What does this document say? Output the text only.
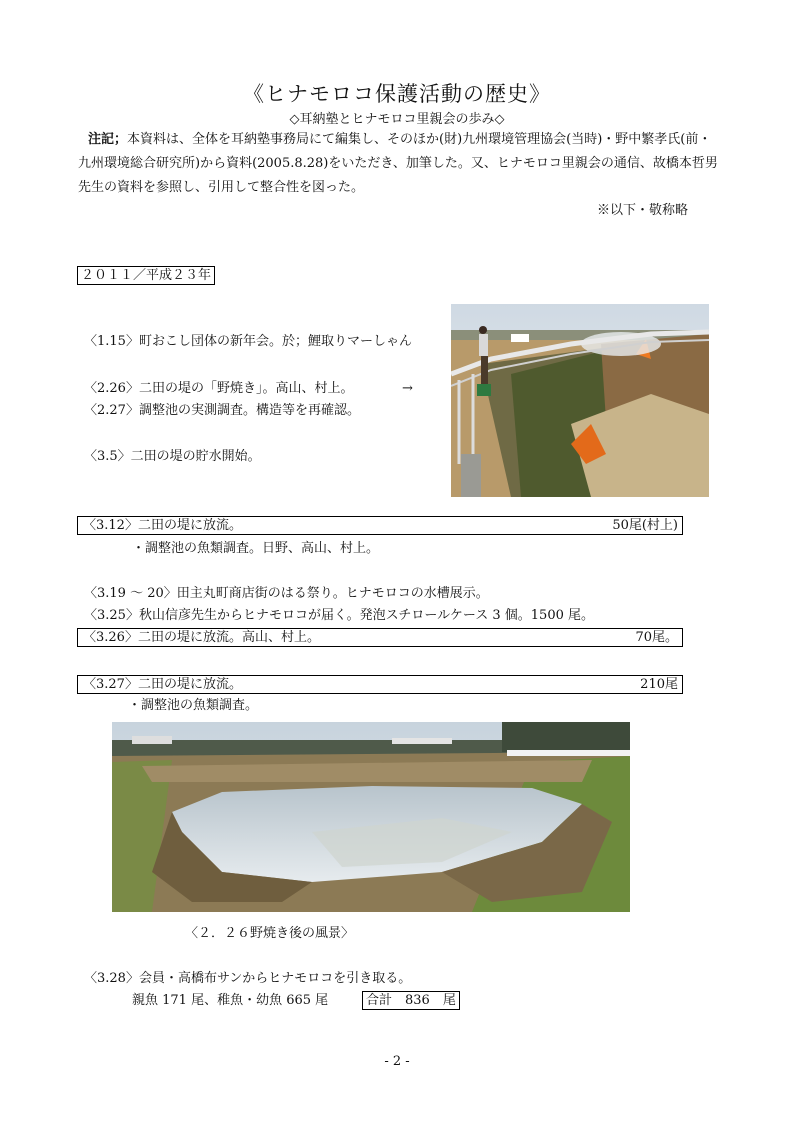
《ヒナモロコ保護活動の歴史》
◇耳納塾とヒナモロコ里親会の歩み◇
注記；本資料は、全体を耳納塾事務局にて編集し、そのほか(財)九州環境管理協会(当時)・野中繁孝氏(前・九州環境総合研究所)から資料(2005.8.28)をいただき、加筆した。又、ヒナモロコ里親会の通信、故橋本哲男先生の資料を参照し、引用して整合性を図った。
※以下・敬称略
２０１１／平成２３年
〈1.15〉町おこし団体の新年会。於；鯉取りマーしゃん
〈2.26〉二田の堤の「野焼き」。高山、村上。	→
〈2.27〉調整池の実測調査。構造等を再確認。
〈3.5〉二田の堤の貯水開始。
〈3.12〉二田の堤に放流。	50尾(村上)
・調整池の魚類調査。日野、高山、村上。
〈3.19 ～ 20〉田主丸町商店街のはる祭り。ヒナモロコの水槽展示。
〈3.25〉秋山信彦先生からヒナモロコが届く。発泡スチロールケース 3 個。1500 尾。
〈3.26〉二田の堤に放流。高山、村上。	70尾。
〈3.27〉二田の堤に放流。	210尾
・調整池の魚類調査。
〈２．２６野焼き後の風景〉
〈3.28〉会員・高橋布サンからヒナモロコを引き取る。
親魚 171 尾、稚魚・幼魚 665 尾	合計　836　尾
- 2 -
